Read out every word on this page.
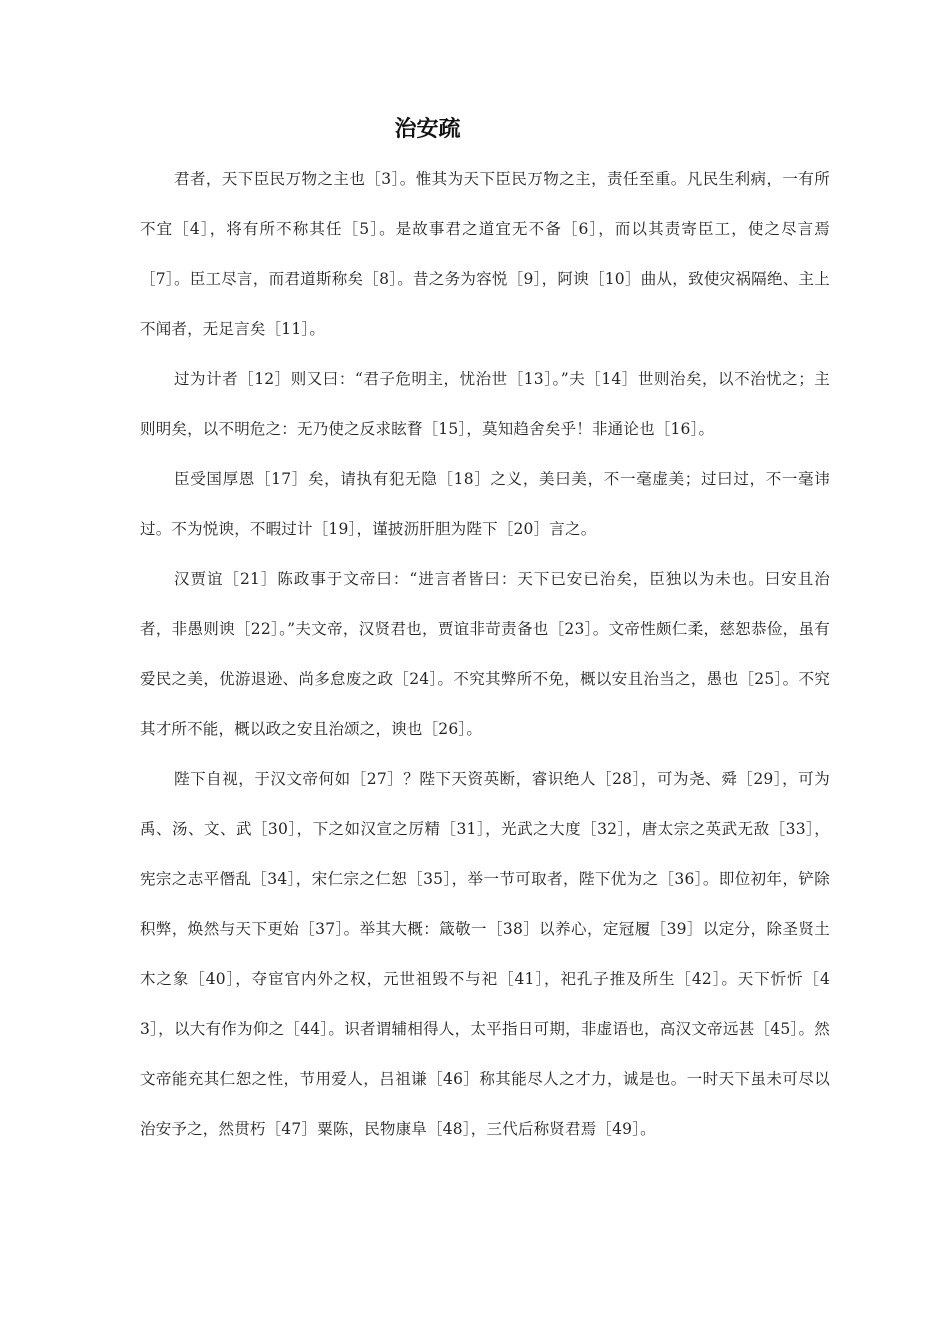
治安疏

君者，天下臣民万物之主也［3］。惟其为天下臣民万物之主，责任至重。凡民生利病，一有所不宜［4］，将有所不称其任［5］。是故事君之道宜无不备［6］，而以其责寄臣工，使之尽言焉［7］。臣工尽言，而君道斯称矣［8］。昔之务为容悦［9］，阿谀［10］曲从，致使灾祸隔绝、主上不闻者，无足言矣［11］。

过为计者［12］则又曰：“君子危明主，忧治世［13］。”夫［14］世则治矣，以不治忧之；主则明矣，以不明危之：无乃使之反求眩瞀［15］，莫知趋舍矣乎！非通论也［16］。

臣受国厚恩［17］矣，请执有犯无隐［18］之义，美曰美，不一毫虚美；过曰过，不一毫讳过。不为悦谀，不暇过计［19］，谨披沥肝胆为陛下［20］言之。

汉贾谊［21］陈政事于文帝曰：“进言者皆曰：天下已安已治矣，臣独以为未也。曰安且治者，非愚则谀［22］。”夫文帝，汉贤君也，贾谊非苛责备也［23］。文帝性颇仁柔，慈恕恭俭，虽有爱民之美，优游退逊、尚多怠废之政［24］。不究其弊所不免，概以安且治当之，愚也［25］。不究其才所不能，概以政之安且治颂之，谀也［26］。

陛下自视，于汉文帝何如［27］？陛下天资英断，睿识绝人［28］，可为尧、舜［29］，可为禹、汤、文、武［30］，下之如汉宣之厉精［31］，光武之大度［32］，唐太宗之英武无敌［33］，宪宗之志平僭乱［34］，宋仁宗之仁恕［35］，举一节可取者，陛下优为之［36］。即位初年，铲除积弊，焕然与天下更始［37］。举其大概：箴敬一［38］以养心，定冠履［39］以定分，除圣贤土木之象［40］，夺宦官内外之权，元世祖毁不与祀［41］，祀孔子推及所生［42］。天下忻忻［43］，以大有作为仰之［44］。识者谓辅相得人，太平指日可期，非虚语也，高汉文帝远甚［45］。然文帝能充其仁恕之性，节用爱人，吕祖谦［46］称其能尽人之才力，诚是也。一时天下虽未可尽以治安予之，然贯朽［47］粟陈，民物康阜［48］，三代后称贤君焉［49］。
